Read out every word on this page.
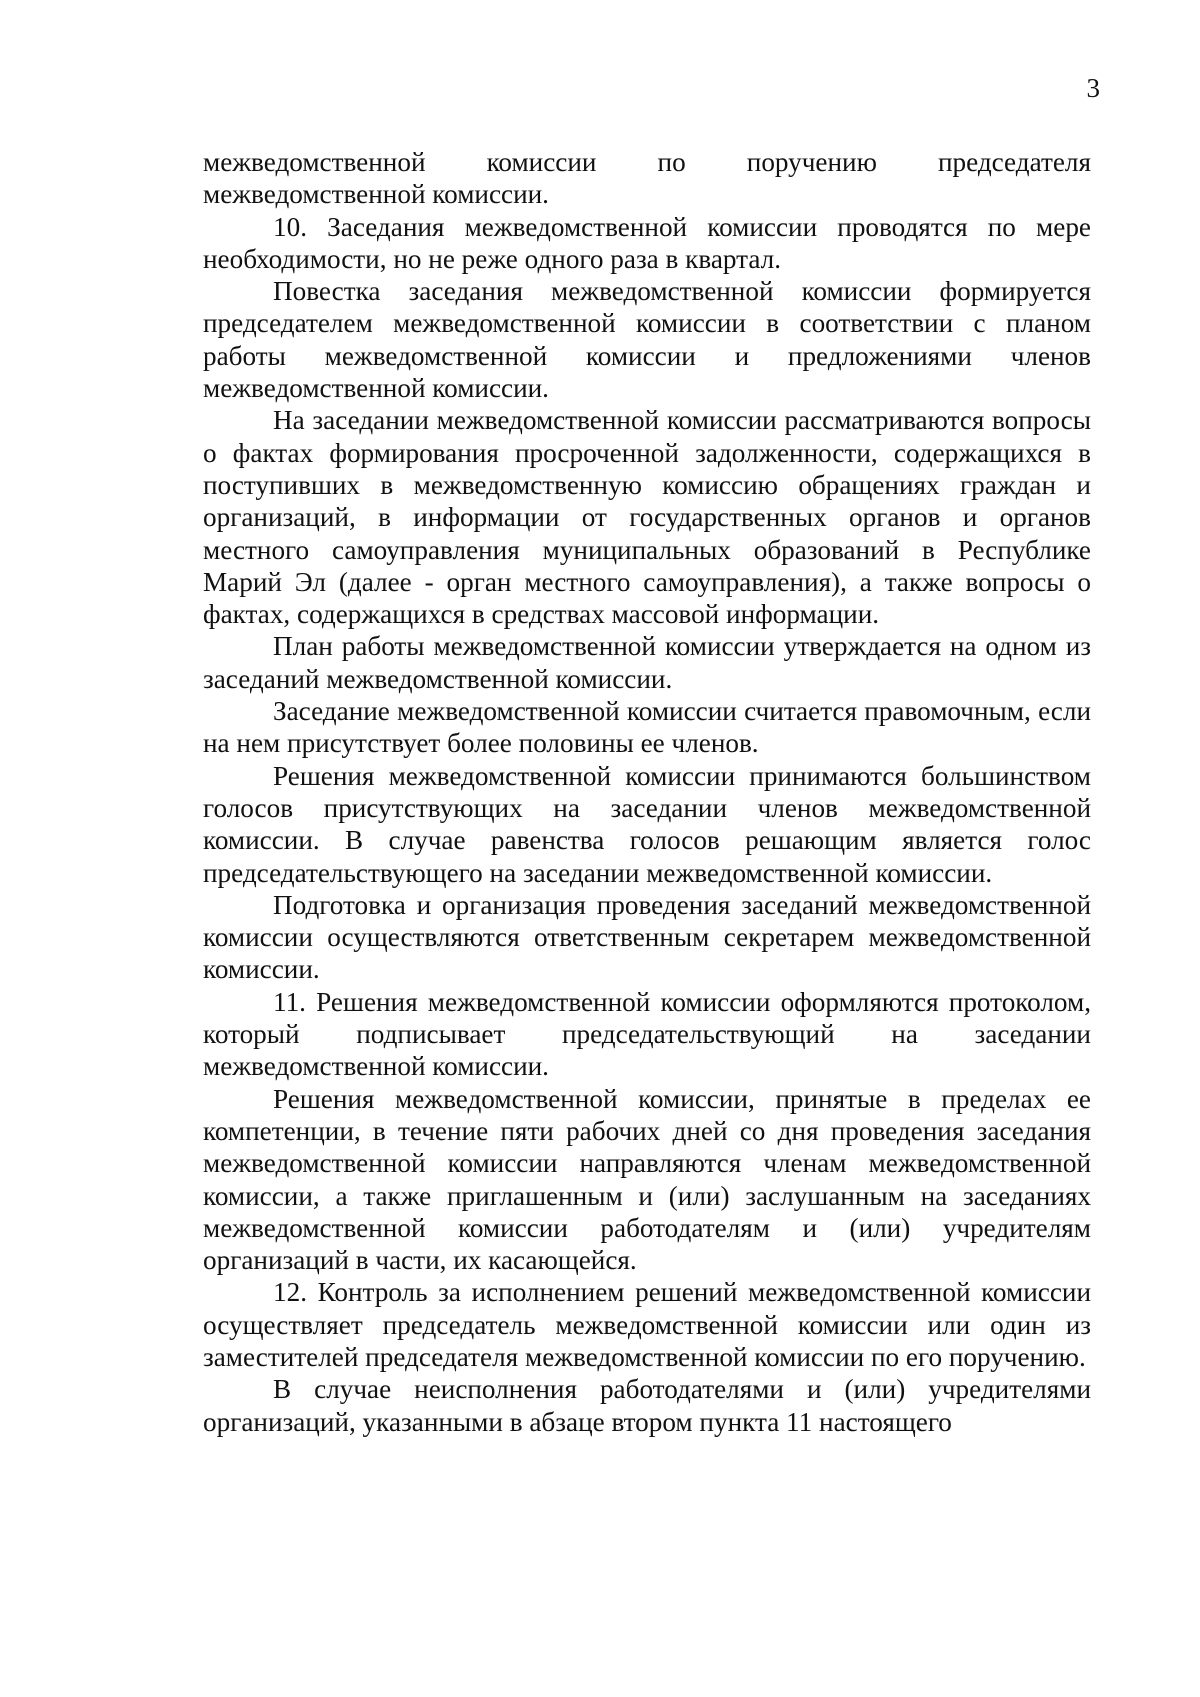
3

межведомственной комиссии по поручению председателя межведомственной комиссии.

10. Заседания межведомственной комиссии проводятся по мере необходимости, но не реже одного раза в квартал.

Повестка заседания межведомственной комиссии формируется председателем межведомственной комиссии в соответствии с планом работы межведомственной комиссии и предложениями членов межведомственной комиссии.

На заседании межведомственной комиссии рассматриваются вопросы о фактах формирования просроченной задолженности, содержащихся в поступивших в межведомственную комиссию обращениях граждан и организаций, в информации от государственных органов и органов местного самоуправления муниципальных образований в Республике Марий Эл (далее - орган местного самоуправления), а также вопросы о фактах, содержащихся в средствах массовой информации.

План работы межведомственной комиссии утверждается на одном из заседаний межведомственной комиссии.

Заседание межведомственной комиссии считается правомочным, если на нем присутствует более половины ее членов.

Решения межведомственной комиссии принимаются большинством голосов присутствующих на заседании членов межведомственной комиссии. В случае равенства голосов решающим является голос председательствующего на заседании межведомственной комиссии.

Подготовка и организация проведения заседаний межведомственной комиссии осуществляются ответственным секретарем межведомственной комиссии.

11. Решения межведомственной комиссии оформляются протоколом, который подписывает председательствующий на заседании межведомственной комиссии.

Решения межведомственной комиссии, принятые в пределах ее компетенции, в течение пяти рабочих дней со дня проведения заседания межведомственной комиссии направляются членам межведомственной комиссии, а также приглашенным и (или) заслушанным на заседаниях межведомственной комиссии работодателям и (или) учредителям организаций в части, их касающейся.

12. Контроль за исполнением решений межведомственной комиссии осуществляет председатель межведомственной комиссии или один из заместителей председателя межведомственной комиссии по его поручению.

В случае неисполнения работодателями и (или) учредителями организаций, указанными в абзаце втором пункта 11 настоящего
